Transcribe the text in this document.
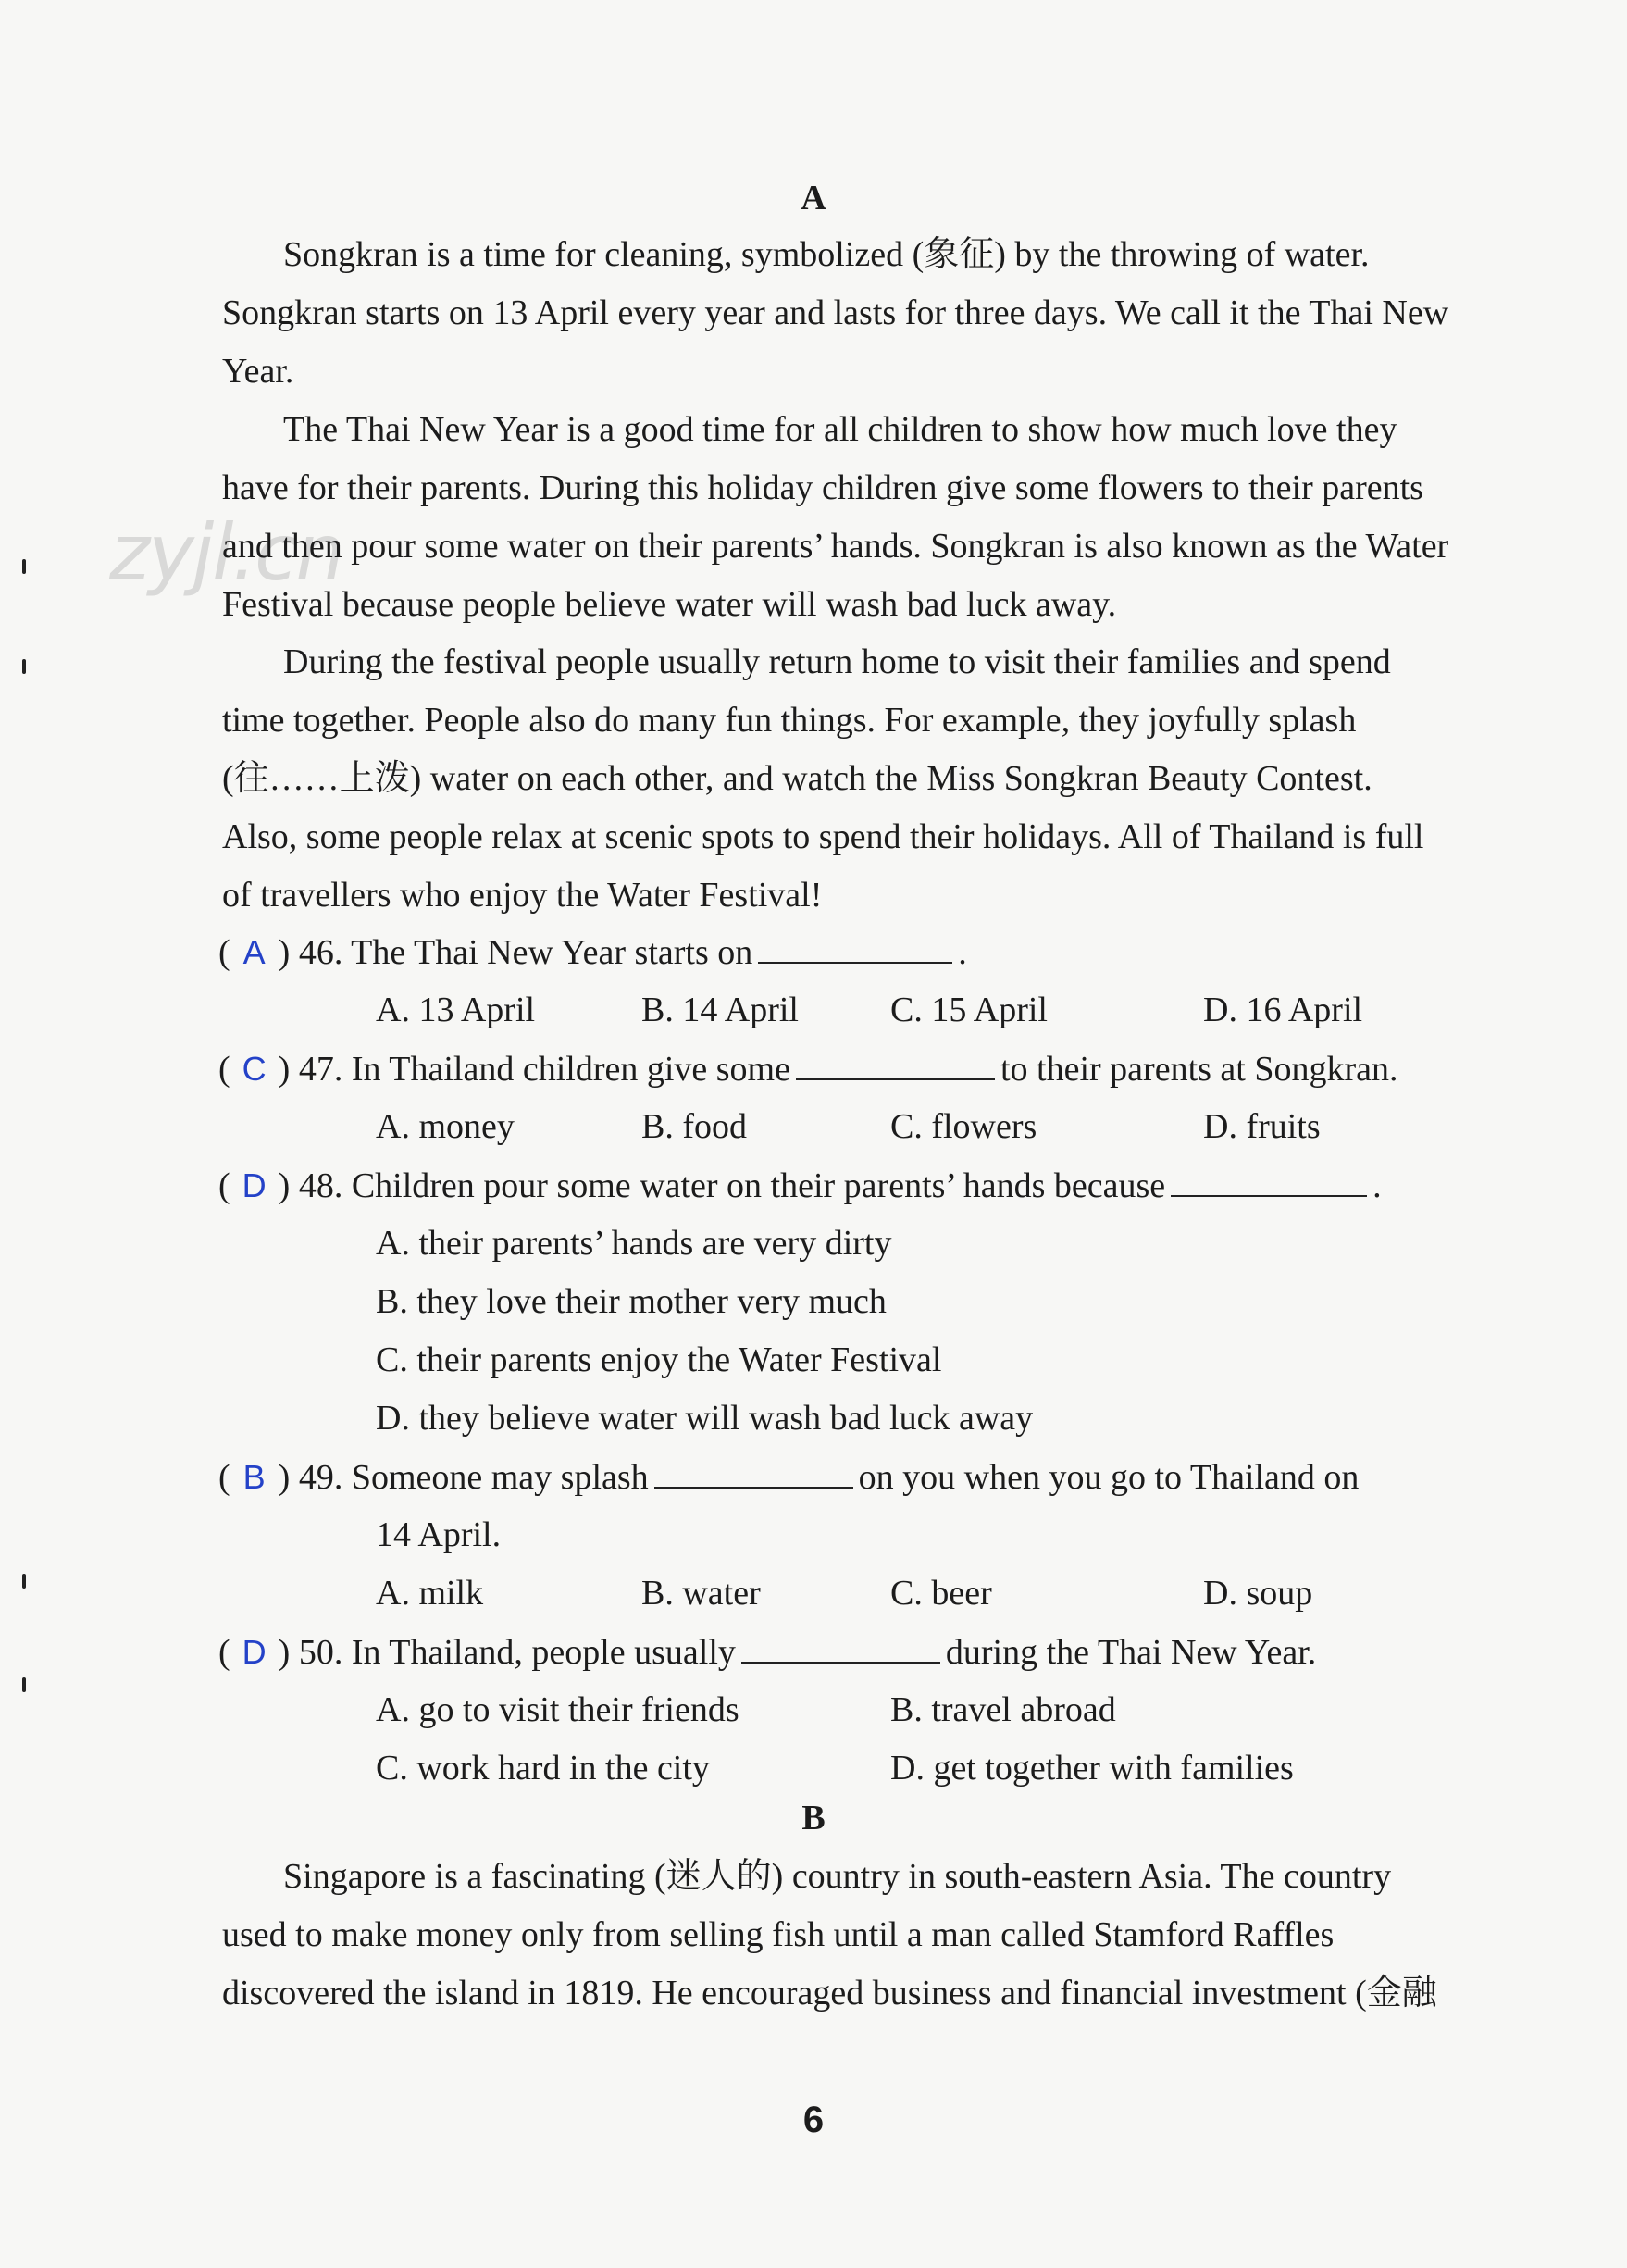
zyjl.cn
A

Songkran is a time for cleaning, symbolized (象征) by the throwing of water. Songkran starts on 13 April every year and lasts for three days. We call it the Thai New Year.

The Thai New Year is a good time for all children to show how much love they have for their parents. During this holiday children give some flowers to their parents and then pour some water on their parents’ hands. Songkran is also known as the Water Festival because people believe water will wash bad luck away.

During the festival people usually return home to visit their families and spend time together. People also do many fun things. For example, they joyfully splash (往……上泼) water on each other, and watch the Miss Songkran Beauty Contest. Also, some people relax at scenic spots to spend their holidays. All of Thailand is full of travellers who enjoy the Water Festival!

( A ) 46. The Thai New Year starts on	.
A. 13 April	B. 14 April	C. 15 April	D. 16 April
( C ) 47. In Thailand children give some	to their parents at Songkran.
A. money	B. food	C. flowers	D. fruits
( D ) 48. Children pour some water on their parents’ hands because	.
A. their parents’ hands are very dirty
B. they love their mother very much
C. their parents enjoy the Water Festival
D. they believe water will wash bad luck away
( B ) 49. Someone may splash	on you when you go to Thailand on
14 April.
A. milk	B. water	C. beer	D. soup
( D ) 50. In Thailand, people usually	during the Thai New Year.
A. go to visit their friends	B. travel abroad
C. work hard in the city	D. get together with families
B

Singapore is a fascinating (迷人的) country in south-eastern Asia. The country used to make money only from selling fish until a man called Stamford Raffles discovered the island in 1819. He encouraged business and financial investment (金融

6
